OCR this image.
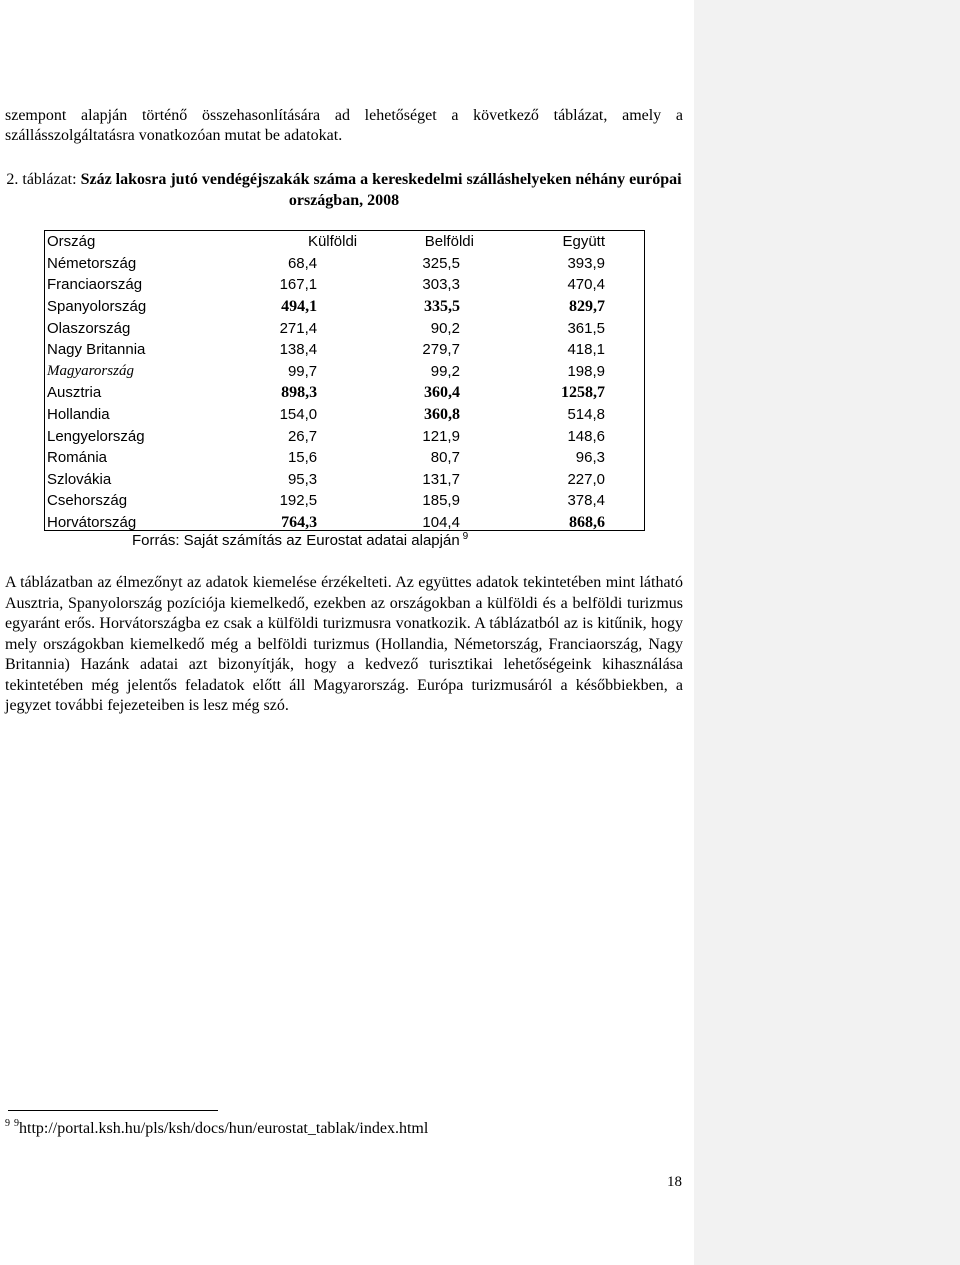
szempont alapján történő összehasonlítására ad lehetőséget a következő táblázat, amely a szállásszolgáltatásra vonatkozóan mutat be adatokat.

2. táblázat: Száz lakosra jutó vendégéjszakák száma a kereskedelmi szálláshelyeken néhány európai országban, 2008

Ország	Külföldi	Belföldi	Együtt
Németország	68,4	325,5	393,9
Franciaország	167,1	303,3	470,4
Spanyolország	494,1	335,5	829,7
Olaszország	271,4	90,2	361,5
Nagy Britannia	138,4	279,7	418,1
Magyarország	99,7	99,2	198,9
Ausztria	898,3	360,4	1258,7
Hollandia	154,0	360,8	514,8
Lengyelország	26,7	121,9	148,6
Románia	15,6	80,7	96,3
Szlovákia	95,3	131,7	227,0
Csehország	192,5	185,9	378,4
Horvátország	764,3	104,4	868,6
Forrás: Saját számítás az Eurostat adatai alapján $^9$

A táblázatban az élmezőnyt az adatok kiemelése érzékelteti. Az együttes adatok tekintetében mint látható Ausztria, Spanyolország pozíciója kiemelkedő, ezekben az országokban a külföldi és a belföldi turizmus egyaránt erős. Horvátországba ez csak a külföldi turizmusra vonatkozik. A táblázatból az is kitűnik, hogy mely országokban kiemelkedő még a belföldi turizmus (Hollandia, Németország, Franciaország, Nagy Britannia) Hazánk adatai azt bizonyítják, hogy a kedvező turisztikai lehetőségeink kihasználása tekintetében még jelentős feladatok előtt áll Magyarország. Európa turizmusáról a későbbiekben, a jegyzet további fejezeteiben is lesz még szó.

$^9$ $^9$http://portal.ksh.hu/pls/ksh/docs/hun/eurostat_tablak/index.html
18
